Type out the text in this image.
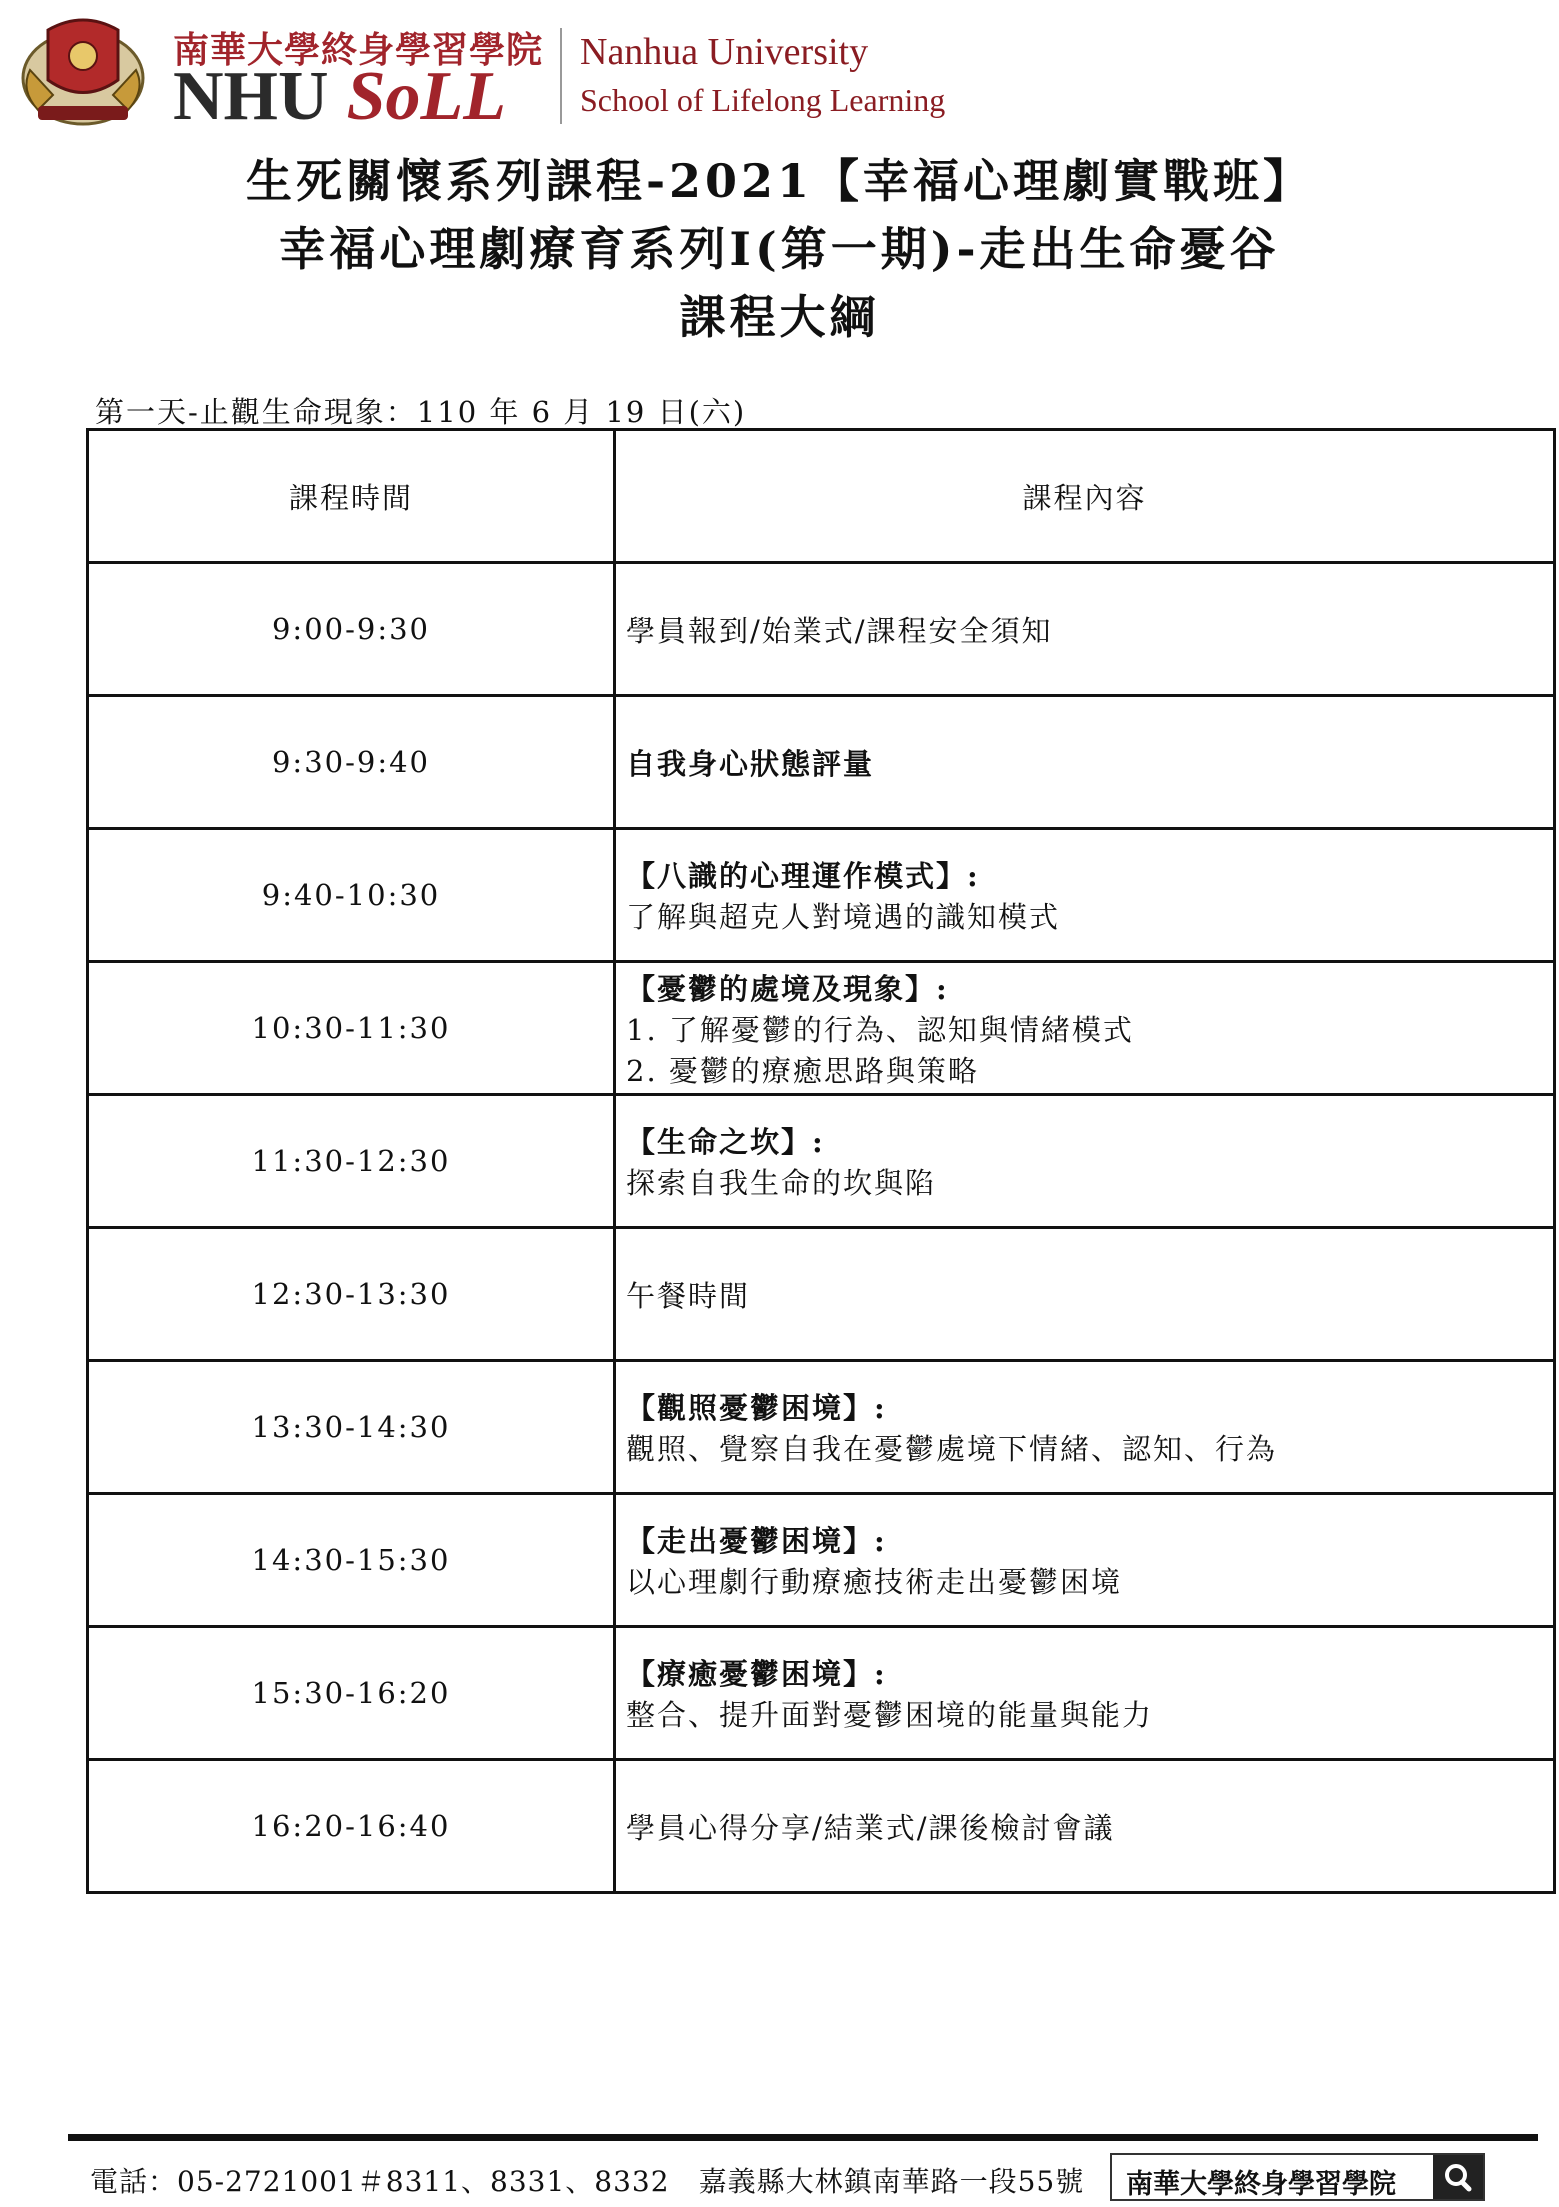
南華大學終身學習學院
NHU SoLL
Nanhua University
School of Lifelong Learning
生死關懷系列課程-2021【幸福心理劇實戰班】
幸福心理劇療育系列Ⅰ(第一期)-走出生命憂谷
課程大綱
第一天-止觀生命現象：110 年 6 月 19 日(六)
課程時間	課程內容
9:00-9:30	學員報到/始業式/課程安全須知

9:30-9:40	自我身心狀態評量

9:40-10:30	【八識的心理運作模式】:
了解與超克人對境遇的識知模式

10:30-11:30	【憂鬱的處境及現象】:
1. 了解憂鬱的行為、認知與情緒模式
2. 憂鬱的療癒思路與策略

11:30-12:30	【生命之坎】:
探索自我生命的坎與陷

12:30-13:30	午餐時間

13:30-14:30	【觀照憂鬱困境】:
觀照、覺察自我在憂鬱處境下情緒、認知、行為

14:30-15:30	【走出憂鬱困境】:
以心理劇行動療癒技術走出憂鬱困境

15:30-16:20	【療癒憂鬱困境】:
整合、提升面對憂鬱困境的能量與能力

16:20-16:40	學員心得分享/結業式/課後檢討會議
電話：05-2721001＃8311、8331、8332　嘉義縣大林鎮南華路一段55號 南華大學終身學習學院
